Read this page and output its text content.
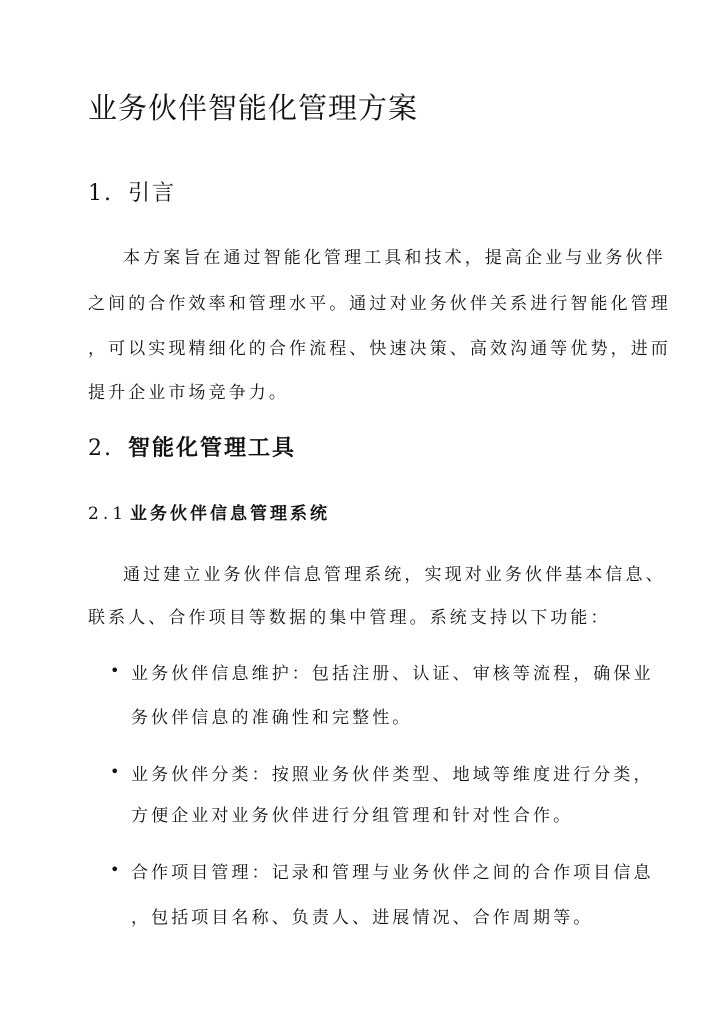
业务伙伴智能化管理方案
1. 引言

本方案旨在通过智能化管理工具和技术，提高企业与业务伙伴

之间的合作效率和管理水平。通过对业务伙伴关系进行智能化管理

，可以实现精细化的合作流程、快速决策、高效沟通等优势，进而

提升企业市场竞争力。

2. 智能化管理工具
2.1 业务伙伴信息管理系统

通过建立业务伙伴信息管理系统，实现对业务伙伴基本信息、

联系人、合作项目等数据的集中管理。系统支持以下功能：

• 业务伙伴信息维护：包括注册、认证、审核等流程，确保业

务伙伴信息的准确性和完整性。

• 业务伙伴分类：按照业务伙伴类型、地域等维度进行分类，

方便企业对业务伙伴进行分组管理和针对性合作。

• 合作项目管理：记录和管理与业务伙伴之间的合作项目信息

，包括项目名称、负责人、进展情况、合作周期等。
